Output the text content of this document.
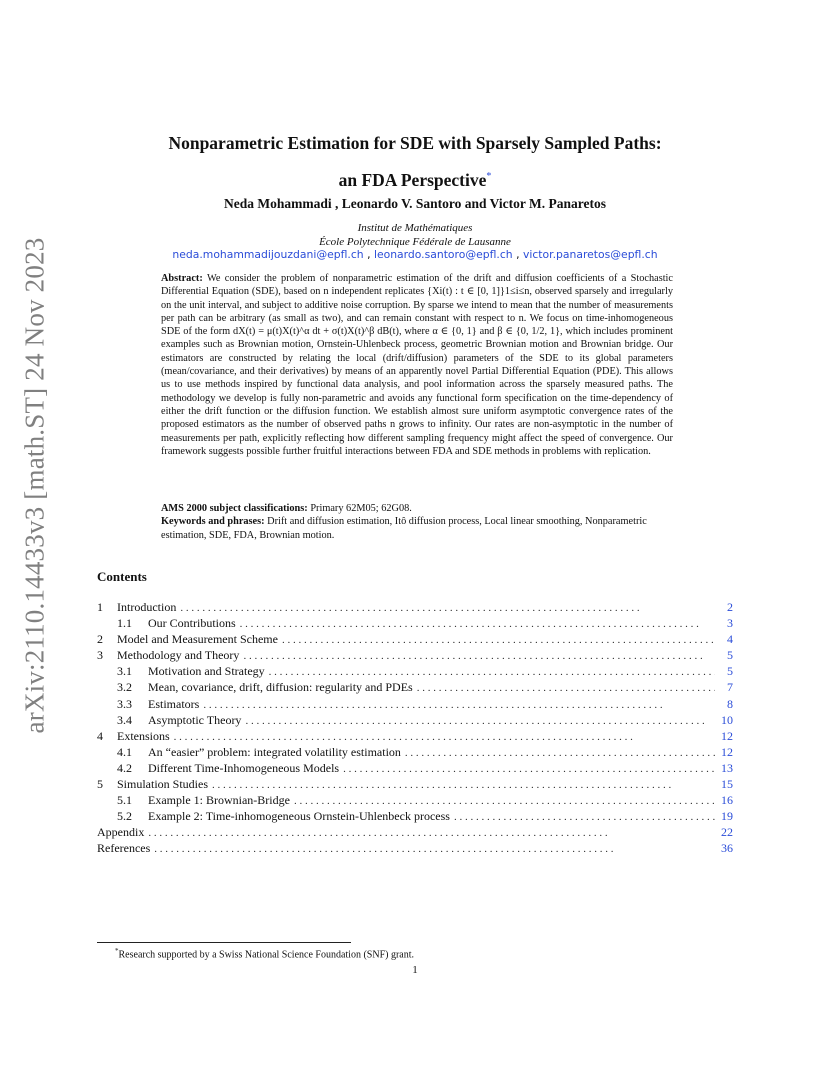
arXiv:2110.14433v3 [math.ST] 24 Nov 2023
Nonparametric Estimation for SDE with Sparsely Sampled Paths:
an FDA Perspective*
Neda Mohammadi , Leonardo V. Santoro and Victor M. Panaretos
Institut de Mathématiques
École Polytechnique Fédérale de Lausanne
neda.mohammadijouzdani@epfl.ch , leonardo.santoro@epfl.ch , victor.panaretos@epfl.ch
Abstract: We consider the problem of nonparametric estimation of the drift and diffusion coefficients of a Stochastic Differential Equation (SDE), based on n independent replicates {Xi(t) : t ∈ [0, 1]}1≤i≤n, observed sparsely and irregularly on the unit interval, and subject to additive noise corruption. By sparse we intend to mean that the number of measurements per path can be arbitrary (as small as two), and can remain constant with respect to n. We focus on time-inhomogeneous SDE of the form dX(t) = μ(t)X(t)^α dt + σ(t)X(t)^β dB(t), where α ∈ {0, 1} and β ∈ {0, 1/2, 1}, which includes prominent examples such as Brownian motion, Ornstein-Uhlenbeck process, geometric Brownian motion and Brownian bridge. Our estimators are constructed by relating the local (drift/diffusion) parameters of the SDE to its global parameters (mean/covariance, and their derivatives) by means of an apparently novel Partial Differential Equation (PDE). This allows us to use methods inspired by functional data analysis, and pool information across the sparsely measured paths. The methodology we develop is fully non-parametric and avoids any functional form specification on the time-dependency of either the drift function or the diffusion function. We establish almost sure uniform asymptotic convergence rates of the proposed estimators as the number of observed paths n grows to infinity. Our rates are non-asymptotic in the number of measurements per path, explicitly reflecting how different sampling frequency might affect the speed of convergence. Our framework suggests possible further fruitful interactions between FDA and SDE methods in problems with replication.

AMS 2000 subject classifications: Primary 62M05; 62G08.

Keywords and phrases: Drift and diffusion estimation, Itô diffusion process, Local linear smoothing, Nonparametric estimation, SDE, FDA, Brownian motion.

Contents
1	Introduction . . .	2
1.1	Our Contributions . . .	3
2	Model and Measurement Scheme . . .	4
3	Methodology and Theory . . .	5
3.1	Motivation and Strategy . . .	5
3.2	Mean, covariance, drift, diffusion: regularity and PDEs . . .	7
3.3	Estimators . . .	8
3.4	Asymptotic Theory . . .	10
4	Extensions . . .	12
4.1	An “easier” problem: integrated volatility estimation . . .	12
4.2	Different Time-Inhomogeneous Models . . .	13
5	Simulation Studies . . .	15
5.1	Example 1: Brownian-Bridge . . .	16
5.2	Example 2: Time-inhomogeneous Ornstein-Uhlenbeck process . . .	19
Appendix . . .	22
References . . .	36
*Research supported by a Swiss National Science Foundation (SNF) grant.
1
